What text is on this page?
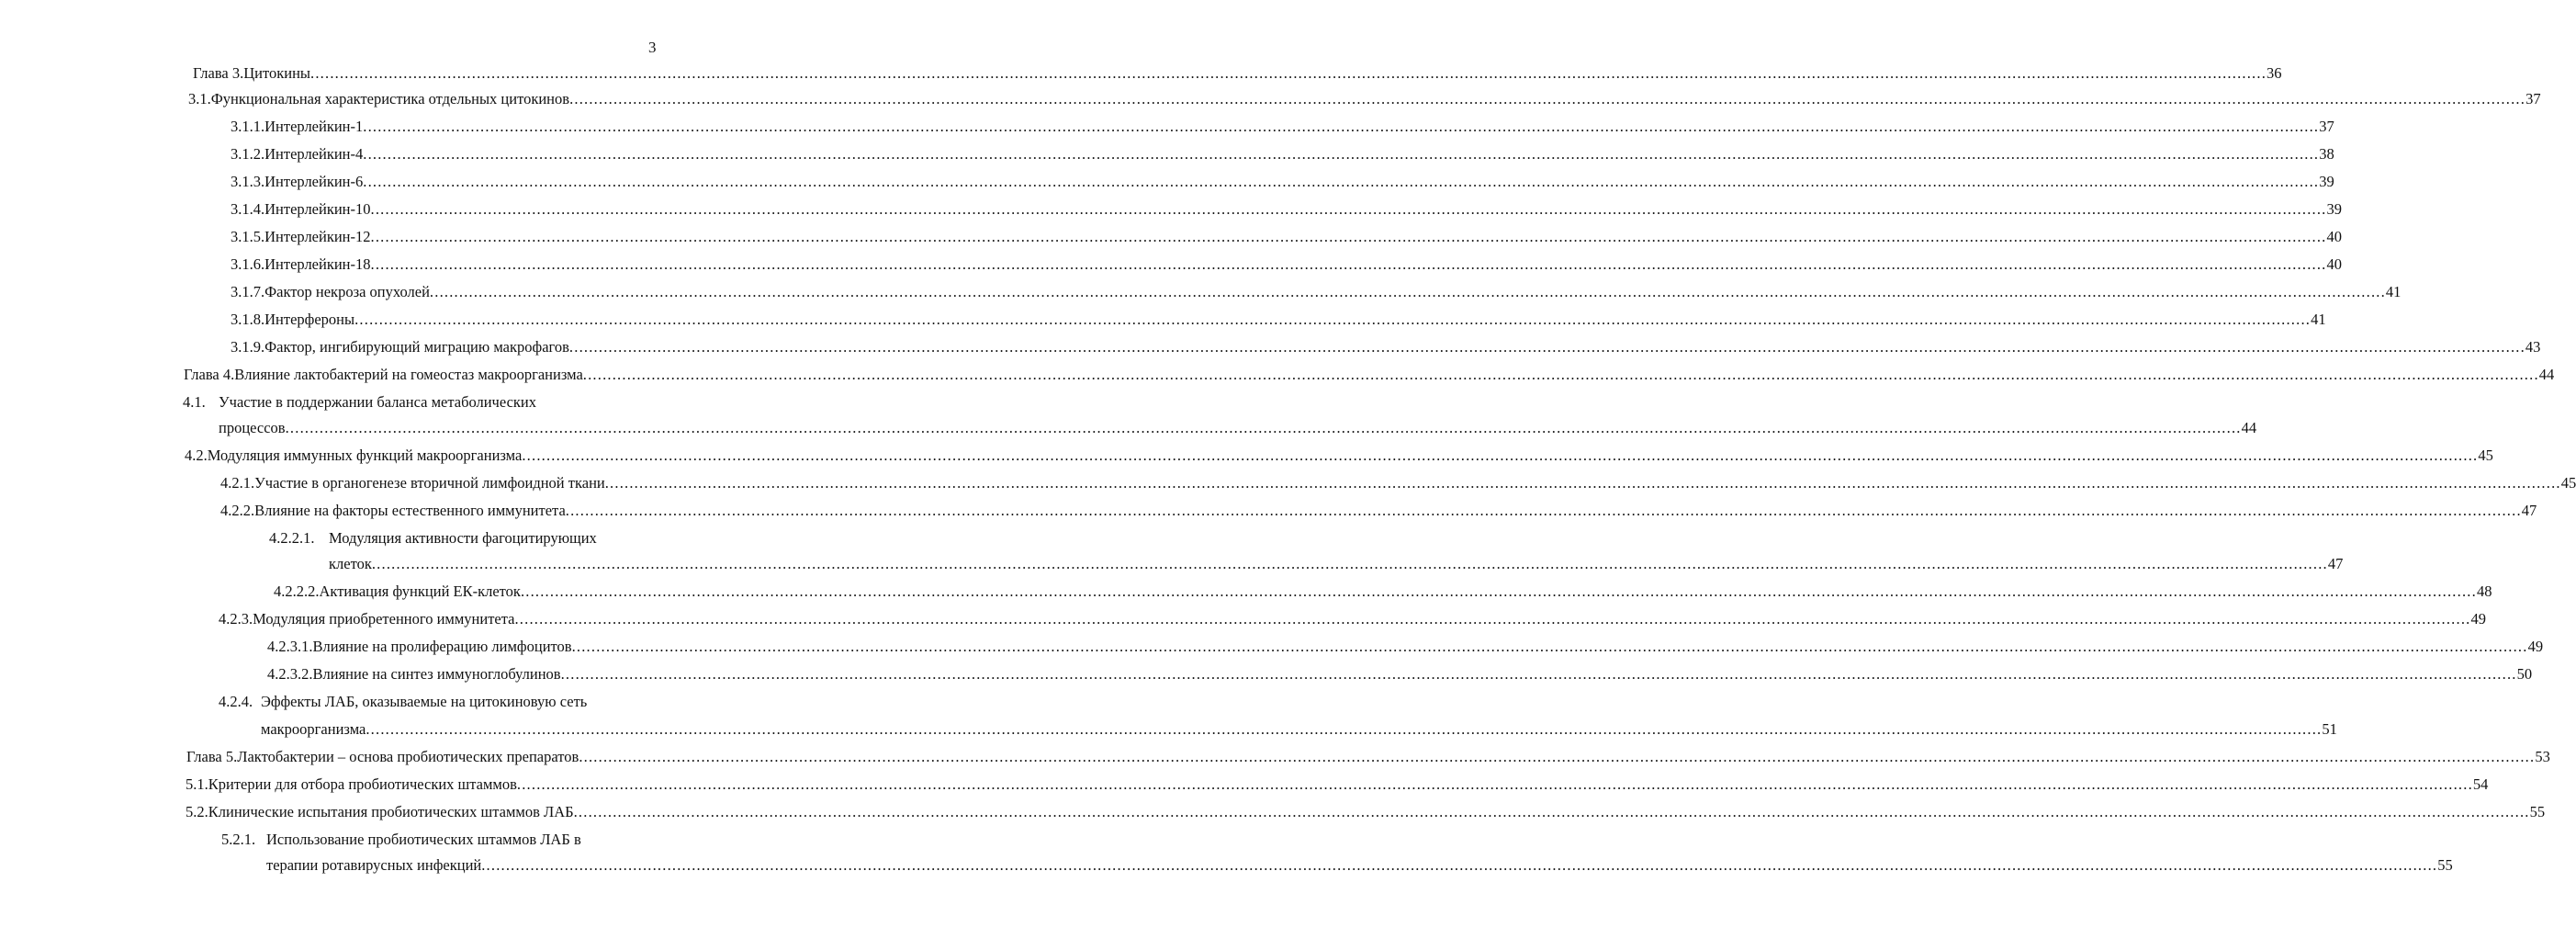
3
Глава 3. Цитокины ................................................................................................................................................................................................................................................................................................................................................................................................................ 36
3.1. Функциональная характеристика отдельных цитокинов ................................................................................................................................................................................................................................................................................................................................................................................................................ 37
3.1.1. Интерлейкин-1 ................................................................................................................................................................................................................................................................................................................................................................................................................ 37
3.1.2. Интерлейкин-4 ................................................................................................................................................................................................................................................................................................................................................................................................................ 38
3.1.3. Интерлейкин-6 ................................................................................................................................................................................................................................................................................................................................................................................................................ 39
3.1.4. Интерлейкин-10 ................................................................................................................................................................................................................................................................................................................................................................................................................ 39
3.1.5. Интерлейкин-12 ................................................................................................................................................................................................................................................................................................................................................................................................................ 40
3.1.6. Интерлейкин-18 ................................................................................................................................................................................................................................................................................................................................................................................................................ 40
3.1.7. Фактор некроза опухолей ................................................................................................................................................................................................................................................................................................................................................................................................................ 41
3.1.8. Интерфероны ................................................................................................................................................................................................................................................................................................................................................................................................................ 41
3.1.9. Фактор, ингибирующий миграцию макрофагов ................................................................................................................................................................................................................................................................................................................................................................................................................ 43
Глава 4. Влияние лактобактерий на гомеостаз макроорганизма ................................................................................................................................................................................................................................................................................................................................................................................................................ 44
4.1. Участие в поддержании баланса метаболических
процессов ................................................................................................................................................................................................................................................................................................................................................................................................................ 44
4.2. Модуляция иммунных функций макроорганизма ................................................................................................................................................................................................................................................................................................................................................................................................................ 45
4.2.1. Участие в органогенезе вторичной лимфоидной ткани ................................................................................................................................................................................................................................................................................................................................................................................................................ 45
4.2.2. Влияние на факторы естественного иммунитета ................................................................................................................................................................................................................................................................................................................................................................................................................ 47
4.2.2.1. Модуляция активности фагоцитирующих
клеток ................................................................................................................................................................................................................................................................................................................................................................................................................ 47
4.2.2.2. Активация функций ЕК-клеток ................................................................................................................................................................................................................................................................................................................................................................................................................ 48
4.2.3. Модуляция приобретенного иммунитета ................................................................................................................................................................................................................................................................................................................................................................................................................ 49
4.2.3.1. Влияние на пролиферацию лимфоцитов ................................................................................................................................................................................................................................................................................................................................................................................................................ 49
4.2.3.2. Влияние на синтез иммуноглобулинов ................................................................................................................................................................................................................................................................................................................................................................................................................ 50
4.2.4. Эффекты ЛАБ, оказываемые на цитокиновую сеть
макроорганизма ................................................................................................................................................................................................................................................................................................................................................................................................................ 51
Глава 5. Лактобактерии – основа пробиотических препаратов ................................................................................................................................................................................................................................................................................................................................................................................................................ 53
5.1. Критерии для отбора пробиотических штаммов ................................................................................................................................................................................................................................................................................................................................................................................................................ 54
5.2. Клинические испытания пробиотических штаммов ЛАБ ................................................................................................................................................................................................................................................................................................................................................................................................................ 55
5.2.1. Использование пробиотических штаммов ЛАБ в
терапии ротавирусных инфекций ................................................................................................................................................................................................................................................................................................................................................................................................................ 55
